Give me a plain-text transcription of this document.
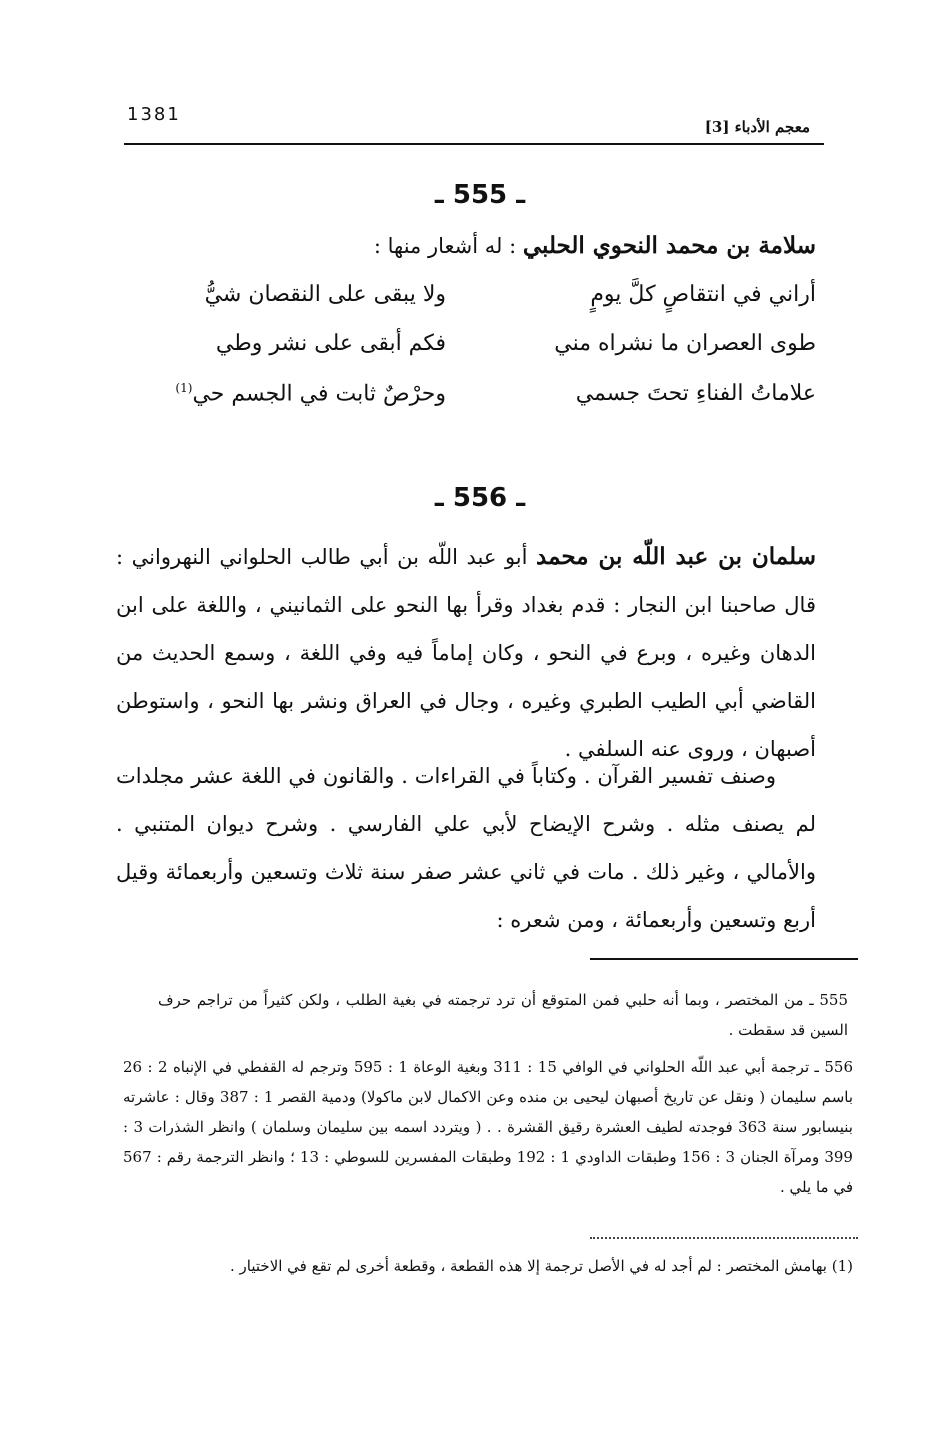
1381
معجم الأدباء [3]
ـ 555 ـ
سلامة بن محمد النحوي الحلبي : له أشعار منها :
أراني في انتقاصٍ كلَّ يومٍ
ولا يبقى على النقصان شيُّ
طوى العصران ما نشراه مني
فكم أبقى على نشر وطي
علاماتُ الفناءِ تحتَ جسمي
وحرْصٌ ثابت في الجسم حي$^{(1)}$
ـ 556 ـ
سلمان بن عبد اللّه بن محمد أبو عبد اللّه بن أبي طالب الحلواني النهرواني : قال صاحبنا ابن النجار : قدم بغداد وقرأ بها النحو على الثمانيني ، واللغة على ابن الدهان وغيره ، وبرع في النحو ، وكان إماماً فيه وفي اللغة ، وسمع الحديث من القاضي أبي الطيب الطبري وغيره ، وجال في العراق ونشر بها النحو ، واستوطن أصبهان ، وروى عنه السلفي .
وصنف تفسير القرآن . وكتاباً في القراءات . والقانون في اللغة عشر مجلدات لم يصنف مثله . وشرح الإيضاح لأبي علي الفارسي . وشرح ديوان المتنبي . والأمالي ، وغير ذلك . مات في ثاني عشر صفر سنة ثلاث وتسعين وأربعمائة وقيل أربع وتسعين وأربعمائة ، ومن شعره :
555 ـ من المختصر ، وبما أنه حلبي فمن المتوقع أن ترد ترجمته في بغية الطلب ، ولكن كثيراً من تراجم حرف السين قد سقطت .
556 ـ ترجمة أبي عبد اللّه الحلواني في الوافي 15 : 311 وبغية الوعاة 1 : 595 وترجم له القفطي في الإنباه 2 : 26 باسم سليمان ( ونقل عن تاريخ أصبهان ليحيى بن منده وعن الاكمال لابن ماكولا) ودمية القصر 1 : 387 وقال : عاشرته بنيسابور سنة 363 فوجدته لطيف العشرة رقيق القشرة . . ( ويتردد اسمه بين سليمان وسلمان ) وانظر الشذرات 3 : 399 ومرآة الجنان 3 : 156 وطبقات الداودي 1 : 192 وطبقات المفسرين للسوطي : 13 ؛ وانظر الترجمة رقم : 567 في ما يلي .
(1) بهامش المختصر : لم أجد له في الأصل ترجمة إلا هذه القطعة ، وقطعة أخرى لم تقع في الاختيار .
